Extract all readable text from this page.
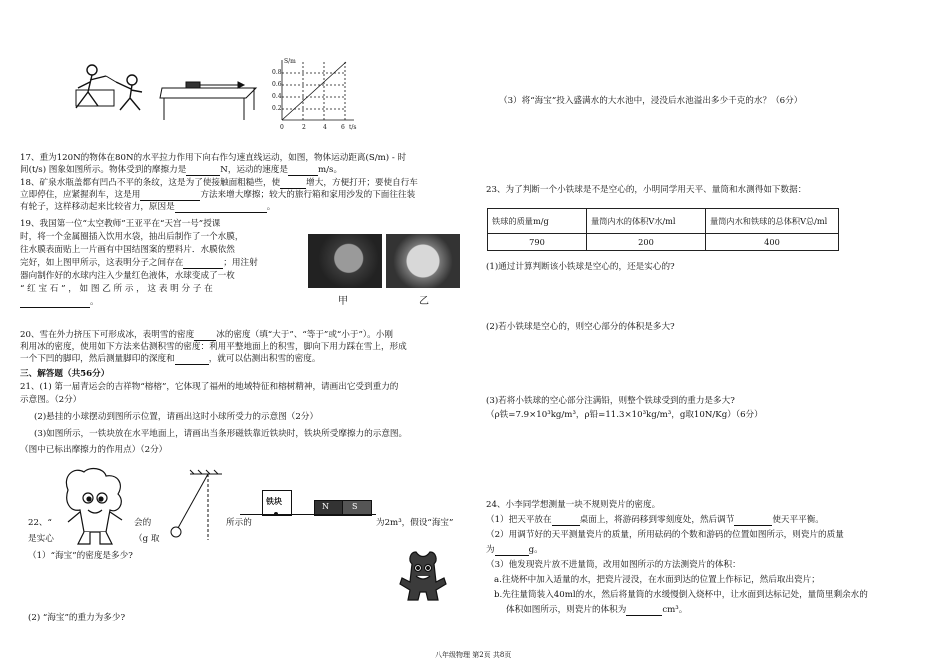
S/m
0.8
0.6
0.4
0.2
0	2	4 6 t/s
17、重为120N的物体在80N的水平拉力作用下向右作匀速直线运动，如图，物体运动距离(S/m) - 时
间(t/s) 图象如图所示。物体受到的摩擦力是	N，运动的速度是	m/s。
18、矿泉水瓶盖都有凹凸不平的条纹，这是为了使接触面粗糙些，使	增大，方便打开；要使自行车
立即停住，应紧握刹车，这是用	方法来增大摩擦；较大的旅行箱和家用沙发的下面往往装
有轮子，这样移动起来比较省力，原因是	。
19、我国第一位“太空教师”王亚平在“天宫一号”授课
时，将一个金属圈插入饮用水袋，抽出后制作了一个水膜，
往水膜表面贴上一片画有中国结图案的塑料片．水膜依然
完好，如上图甲所示，这表明分子之间存在	；用注射
器向制作好的水球内注入少量红色液体，水球变成了一枚
“ 红 宝 石 ” ， 如 图 乙 所 示 ， 这 表 明 分 子 在
。	甲	乙
20、雪在外力挤压下可形成冰，表明雪的密度	冰的密度（填“大于”、“等于”或“小于”）。小刚
利用冰的密度，使用如下方法来估测积雪的密度：利用平整地面上的积雪，脚向下用力踩在雪上，形成
一个下凹的脚印，然后测量脚印的深度和	，就可以估测出积雪的密度。
三、解答题（共56分）
21、(1) 第一届青运会的吉祥物“榕榕”，它体现了福州的地域特征和榕树精神，请画出它受到重力的
示意图。（2分）
(2)悬挂的小球摆动到图所示位置，请画出这时小球所受力的示意图（2分）
(3)如图所示，一铁块放在水平地面上，请画出当条形磁铁靠近铁块时，铁块所受摩擦力的示意图。
（图中已标出摩擦力的作用点）（2分）
铁块
N	S
22、“	会的	所示的	为2m³，假设“海宝”
是实心	（g 取
（1）“海宝”的密度是多少?
(2) “海宝”的重力为多少?
（3）将“海宝”投入盛满水的大水池中，浸没后水池溢出多少千克的水？（6分）
23、为了判断一个小铁球是不是空心的，小明同学用天平、量筒和水测得如下数据：
铁球的质量m/g	量筒内水的体积V水/ml	量筒内水和铁球的总体积V总/ml
790	200	400
(1)通过计算判断该小铁球是空心的，还是实心的?
(2)若小铁球是空心的，则空心部分的体积是多大?
(3)若将小铁球的空心部分注满铅，则整个铁球受到的重力是多大?
（ρ铁=7.9×10³kg/m³，ρ铅=11.3×10³kg/m³，g取10N/Kg）（6分）
24、小李同学想测量一块不规则瓷片的密度。
（1）把天平放在	桌面上，将游码移到零刻度处，然后调节	使天平平衡。
（2）用调节好的天平测量瓷片的质量，所用砝码的个数和游码的位置如图所示，则瓷片的质量
为	g。
（3）他发现瓷片放不进量筒，改用如图所示的方法测瓷片的体积：
a.往烧杯中加入适量的水，把瓷片浸没，在水面到达的位置上作标记，然后取出瓷片；
b.先往量筒装入40ml的水，然后将量筒的水缓慢倒入烧杯中，让水面到达标记处，量筒里剩余水的
体积如图所示，则瓷片的体积为	cm³。
八年级物理 第2页 共8页
